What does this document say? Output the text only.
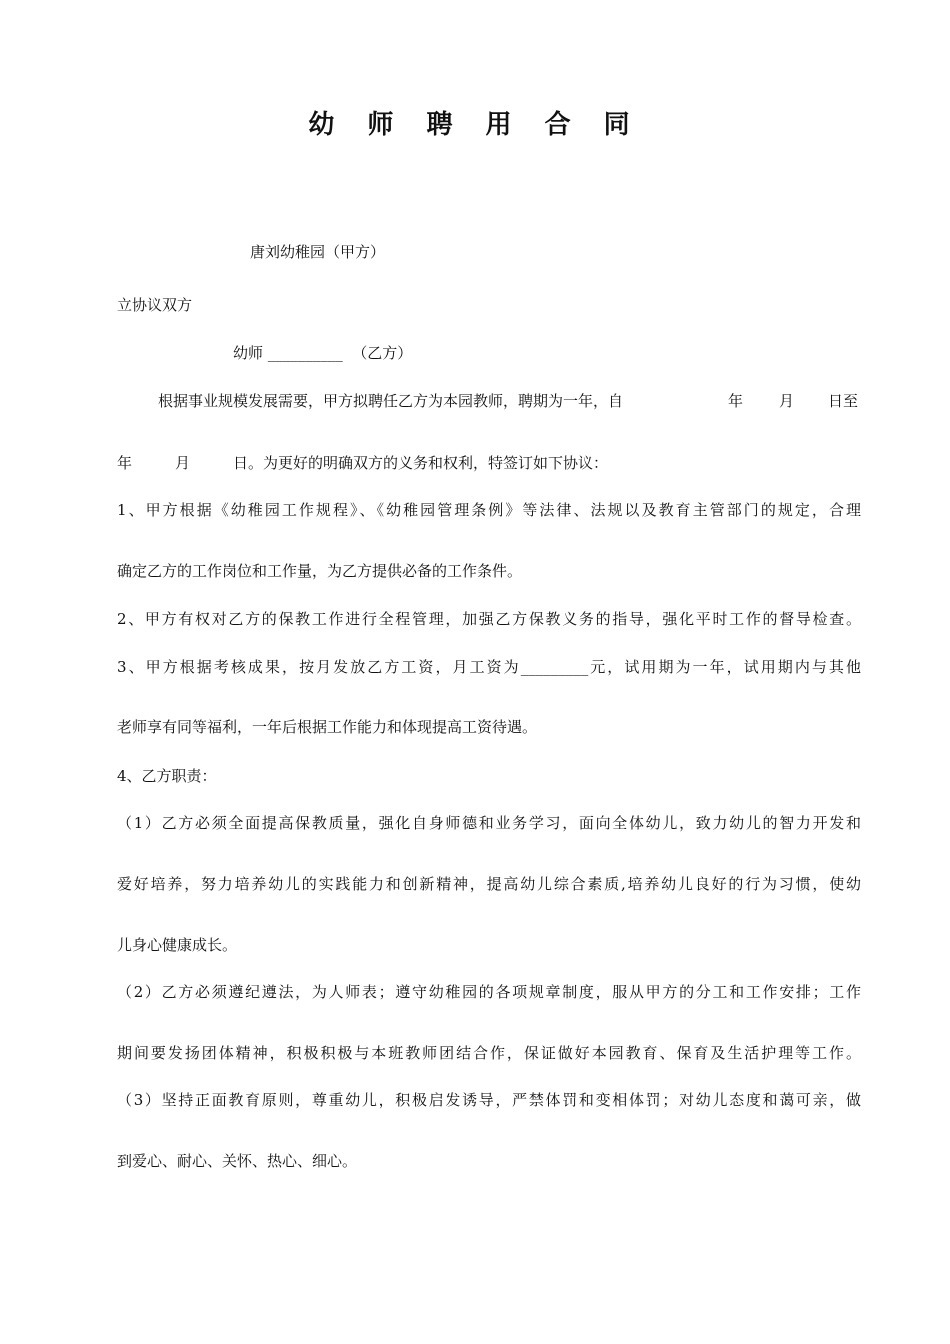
幼 师 聘 用 合 同
唐刘幼稚园（甲方）
立协议双方
幼师 __________  （乙方）
根据事业规模发展需要，甲方拟聘任乙方为本园教师，聘期为一年，自	年 月 日至
年	月	日。为更好的明确双方的义务和权利，特签订如下协议：
1、甲方根据《幼稚园工作规程》、《幼稚园管理条例》等法律、法规以及教育主管部门的规定，合理
确定乙方的工作岗位和工作量，为乙方提供必备的工作条件。
2、甲方有权对乙方的保教工作进行全程管理，加强乙方保教义务的指导，强化平时工作的督导检查。
3、甲方根据考核成果，按月发放乙方工资，月工资为_________元，试用期为一年，试用期内与其他
老师享有同等福利，一年后根据工作能力和体现提高工资待遇。
4、乙方职责：
（1）乙方必须全面提高保教质量，强化自身师德和业务学习，面向全体幼儿，致力幼儿的智力开发和
爱好培养，努力培养幼儿的实践能力和创新精神，提高幼儿综合素质,培养幼儿良好的行为习惯，使幼
儿身心健康成长。
（2）乙方必须遵纪遵法，为人师表；遵守幼稚园的各项规章制度，服从甲方的分工和工作安排；工作
期间要发扬团体精神，积极积极与本班教师团结合作，保证做好本园教育、保育及生活护理等工作。
（3）坚持正面教育原则，尊重幼儿，积极启发诱导，严禁体罚和变相体罚；对幼儿态度和蔼可亲，做
到爱心、耐心、关怀、热心、细心。
